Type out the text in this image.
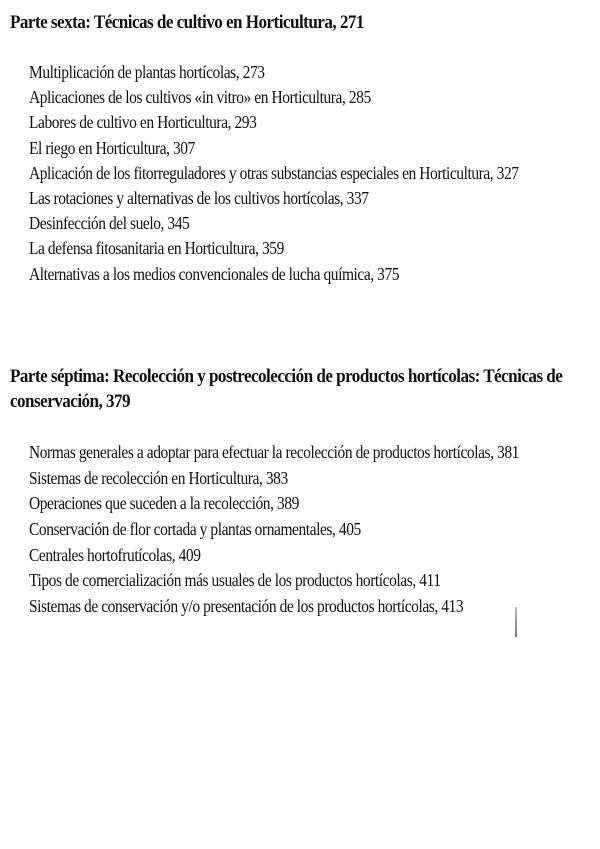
Parte sexta: Técnicas de cultivo en Horticultura, 271
Multiplicación de plantas hortícolas, 273
Aplicaciones de los cultivos «in vitro» en Horticultura, 285
Labores de cultivo en Horticultura, 293
El riego en Horticultura, 307
Aplicación de los fitorreguladores y otras substancias especiales en Horticultura, 327
Las rotaciones y alternativas de los cultivos hortícolas, 337
Desinfección del suelo, 345
La defensa fitosanitaria en Horticultura, 359
Alternativas a los medios convencionales de lucha química, 375
Parte séptima: Recolección y postrecolección de productos hortícolas: Técnicas de conservación, 379
Normas generales a adoptar para efectuar la recolección de productos hortícolas, 381
Sistemas de recolección en Horticultura, 383
Operaciones que suceden a la recolección, 389
Conservación de flor cortada y plantas ornamentales, 405
Centrales hortofrutícolas, 409
Tipos de comercialización más usuales de los productos hortícolas, 411
Sistemas de conservación y/o presentación de los productos hortícolas, 413
